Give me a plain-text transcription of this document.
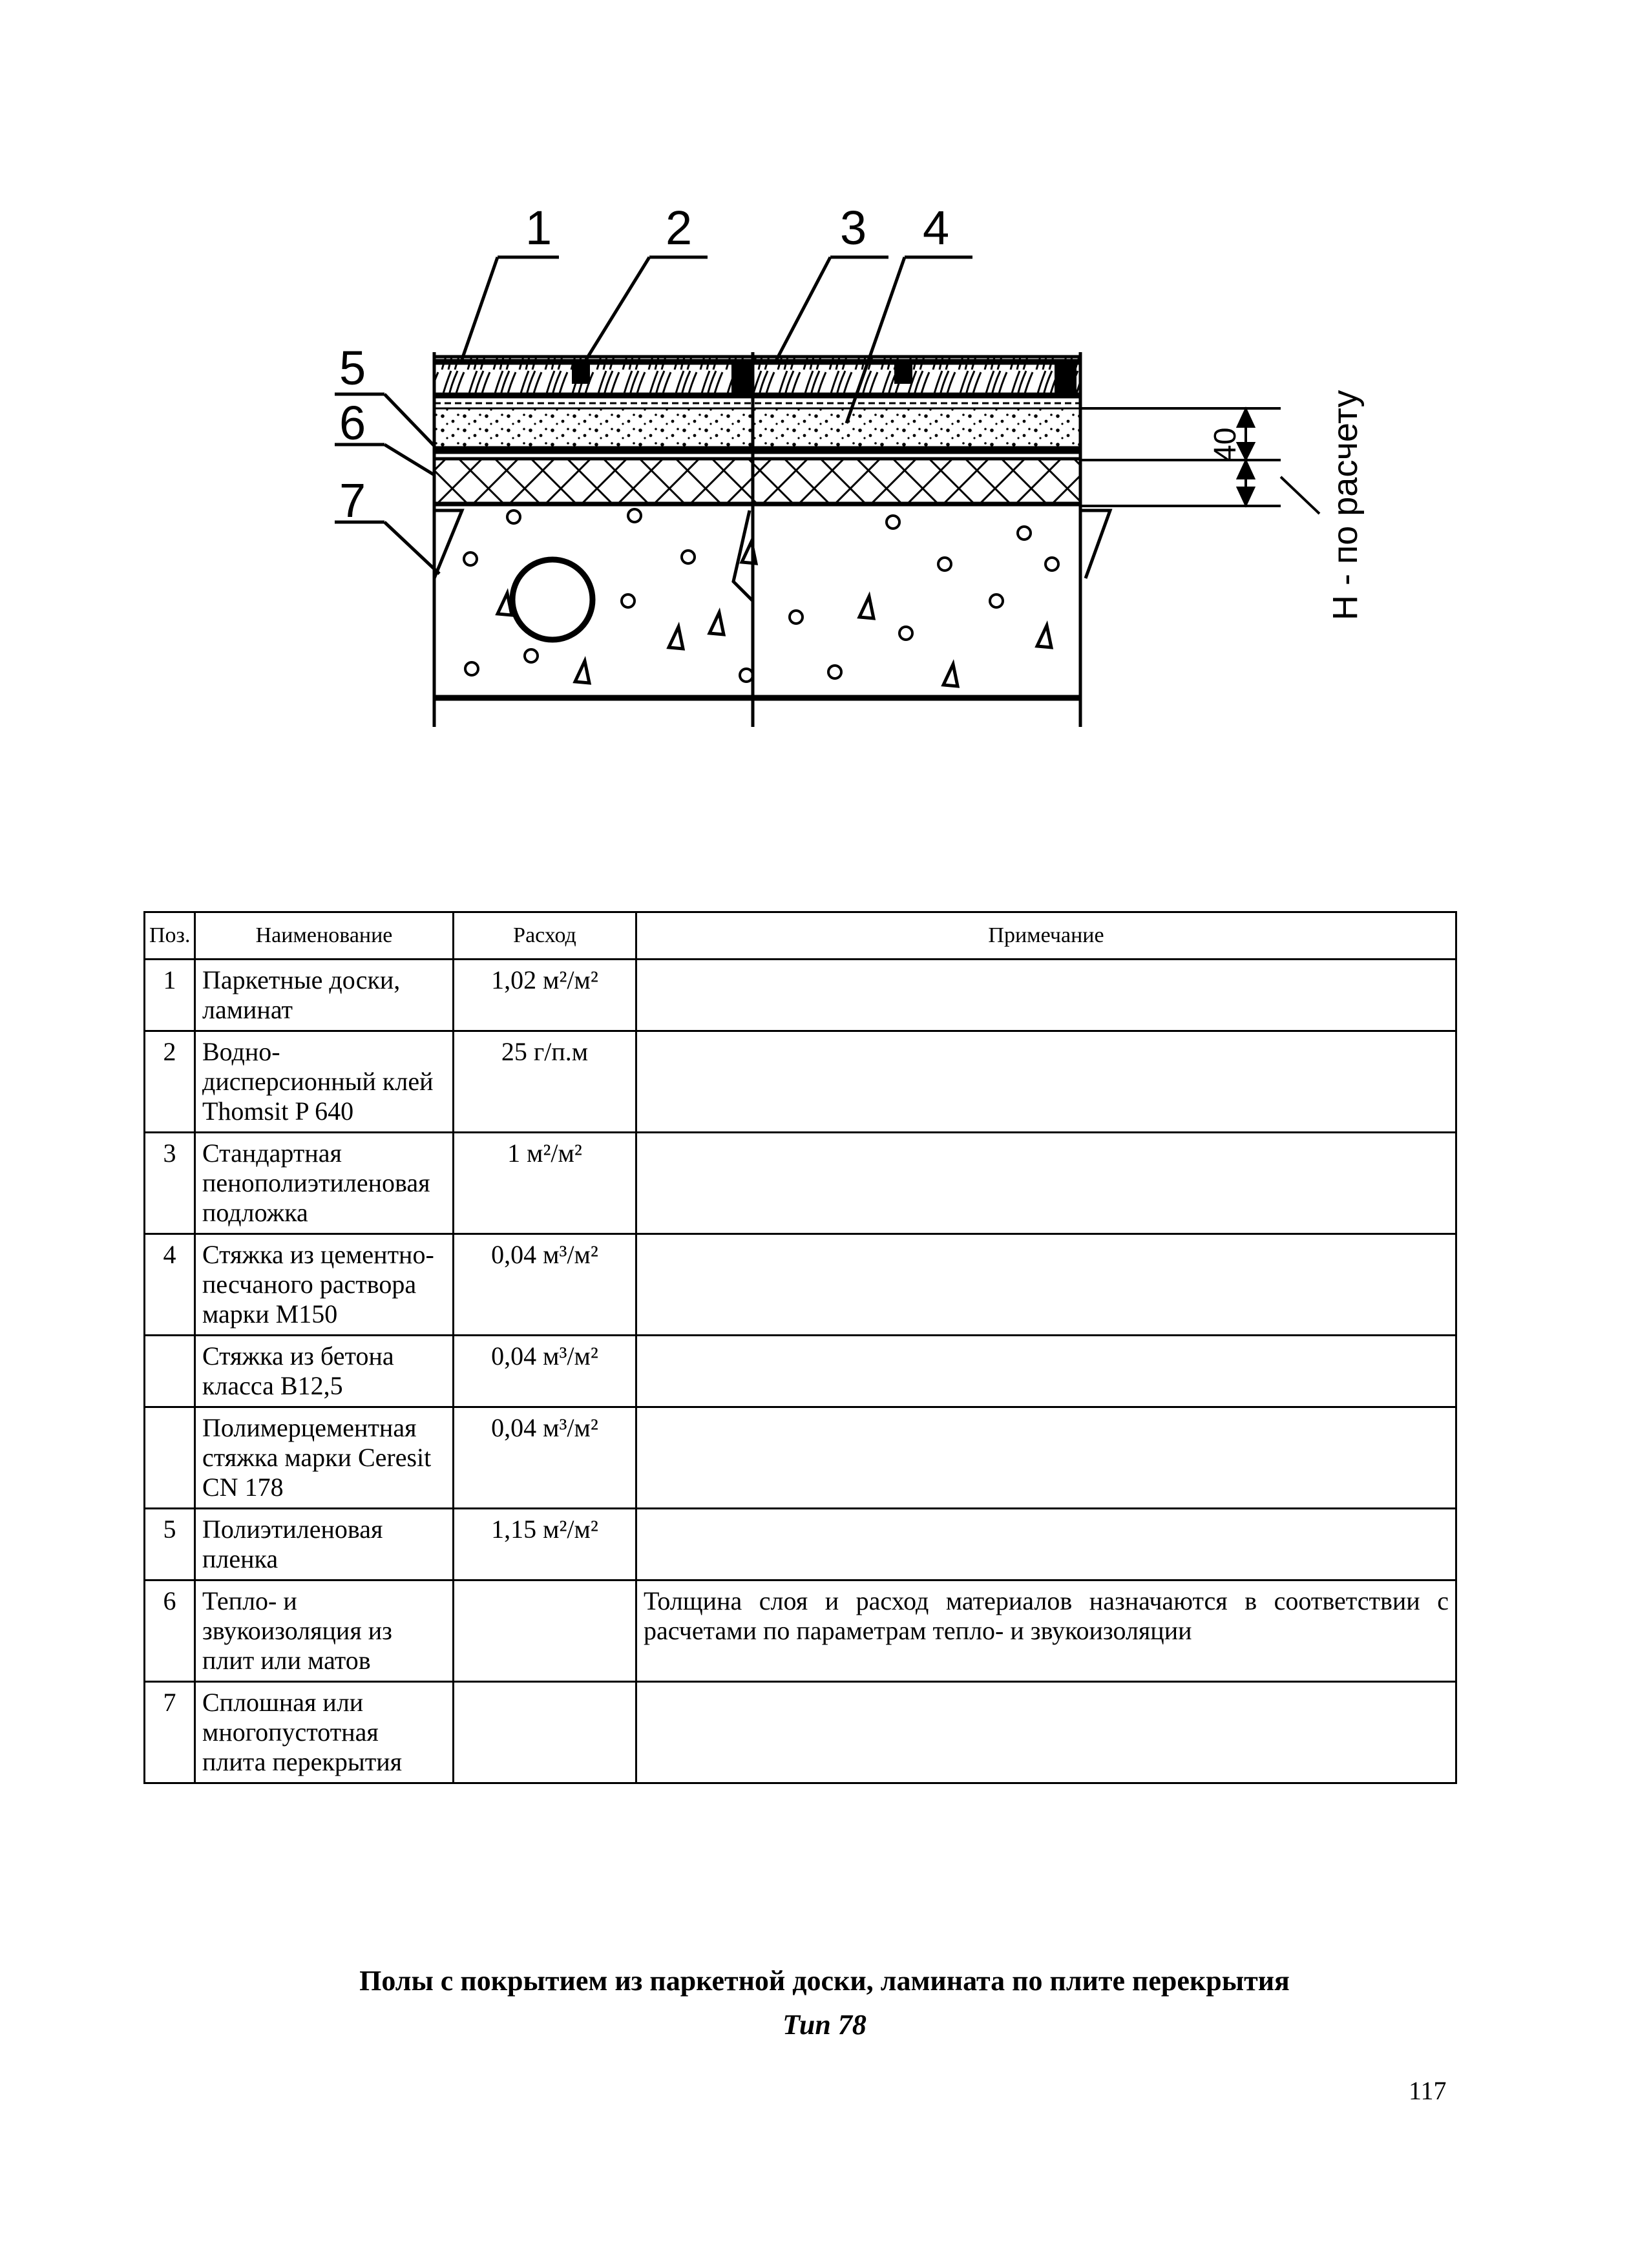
1 2	3 4
5
6
7
40 H - по расчету
Поз.	Наименование	Расход	Примечание
1	Паркетные доски, ламинат	1,02 м²/м²	
2	Водно-дисперсионный клей Thomsit P 640	25 г/п.м	
3	Стандартная пенополиэтиленовая подложка	1 м²/м²	
4	Стяжка из цементно-песчаного раствора марки М150	0,04 м³/м²	
	Стяжка из бетона класса В12,5	0,04 м³/м²	
	Полимерцементная стяжка марки Ceresit CN 178	0,04 м³/м²	
5	Полиэтиленовая пленка	1,15 м²/м²	
6	Тепло- и звукоизоляция из плит или матов		Толщина слоя и расход материалов назначаются в соответствии с расчетами по параметрам тепло- и звукоизоляции
7	Сплошная или многопустотная плита перекрытия		
Полы с покрытием из паркетной доски, ламината по плите перекрытия
Тип 78
117
